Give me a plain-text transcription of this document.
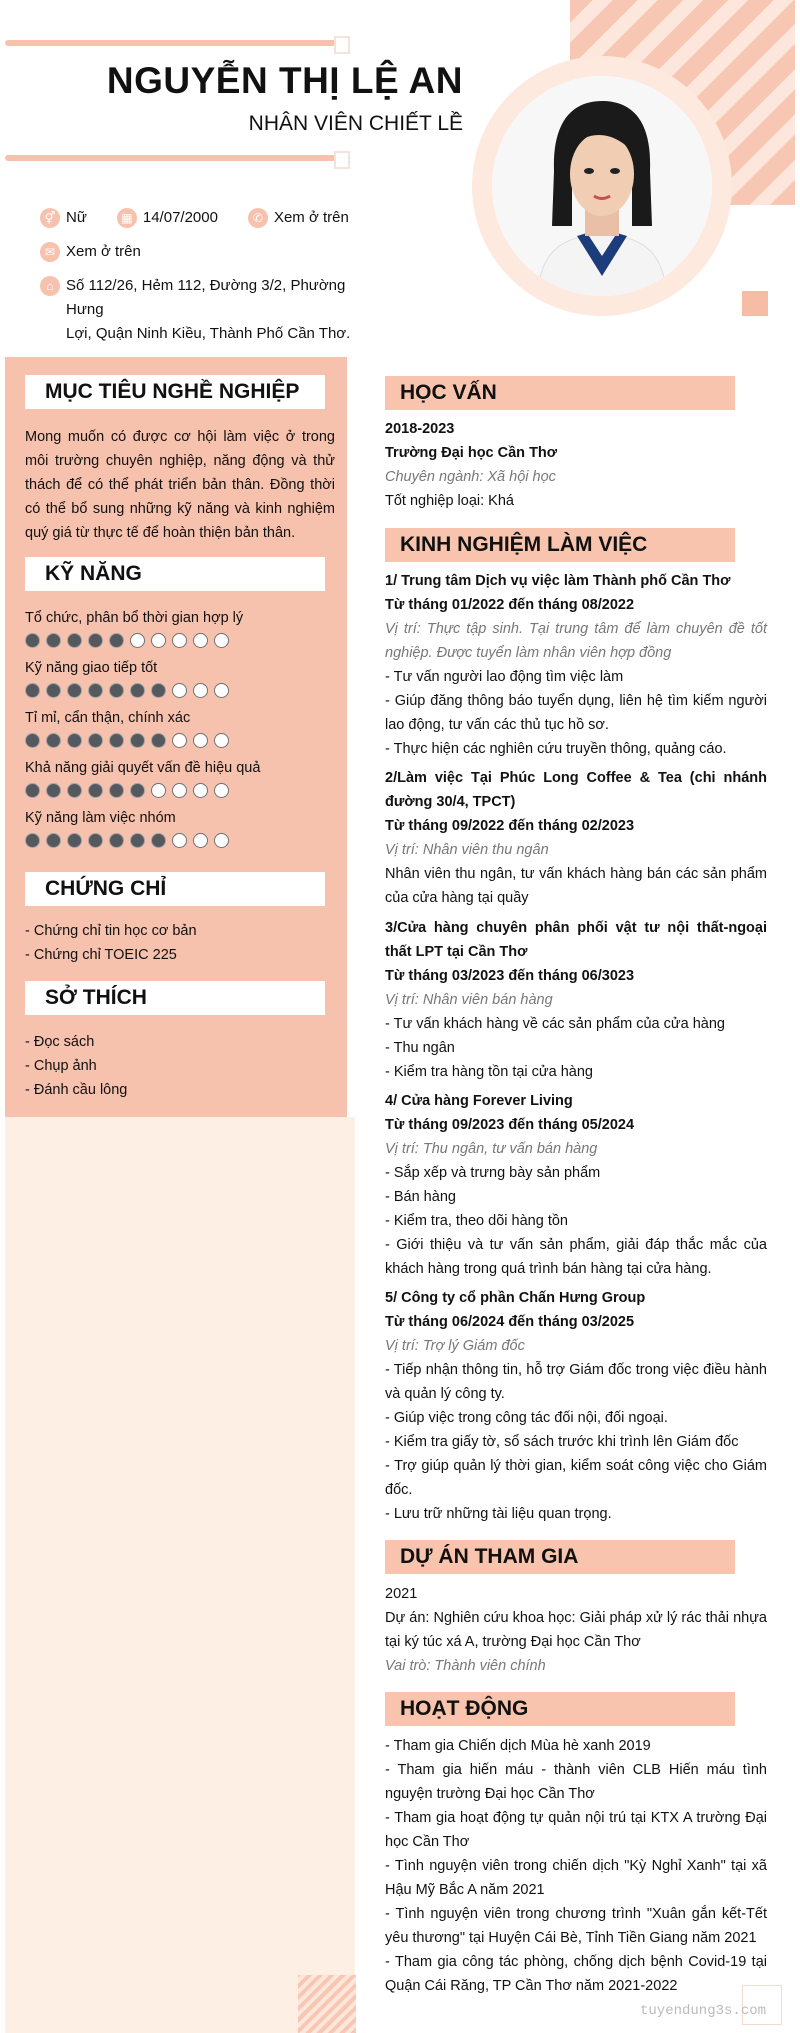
NGUYỄN THỊ LỆ AN
NHÂN VIÊN CHIẾT LỀ
⚥ Nữ	▦ 14/07/2000	✆ Xem ở trên
✉ Xem ở trên
⌂ Số 112/26, Hẻm 112, Đường 3/2, Phường Hưng
Lợi, Quận Ninh Kiều, Thành Phố Cần Thơ.
MỤC TIÊU NGHỀ NGHIỆP
Mong muốn có được cơ hội làm việc ở trong môi trường chuyên nghiệp, năng động và thử thách để có thể phát triển bản thân. Đồng thời có thể bổ sung những kỹ năng và kinh nghiệm quý giá từ thực tế để hoàn thiện bản thân.
KỸ NĂNG
Tổ chức, phân bổ thời gian hợp lý
Kỹ năng giao tiếp tốt
Tỉ mỉ, cẩn thận, chính xác
Khả năng giải quyết vấn đề hiệu quả
Kỹ năng làm việc nhóm
CHỨNG CHỈ
- Chứng chỉ tin học cơ bản
- Chứng chỉ TOEIC 225
SỞ THÍCH
- Đọc sách
- Chụp ảnh
- Đánh cầu lông
HỌC VẤN
2018-2023
Trường Đại học Cần Thơ
Chuyên ngành: Xã hội học
Tốt nghiệp loại: Khá
KINH NGHIỆM LÀM VIỆC
1/ Trung tâm Dịch vụ việc làm Thành phố Cần Thơ
Từ tháng 01/2022 đến tháng 08/2022
Vị trí: Thực tập sinh. Tại trung tâm để làm chuyên đề tốt nghiệp. Được tuyển làm nhân viên hợp đồng
- Tư vấn người lao động tìm việc làm
- Giúp đăng thông báo tuyển dụng, liên hệ tìm kiếm người lao động, tư vấn các thủ tục hồ sơ.
- Thực hiện các nghiên cứu truyền thông, quảng cáo.
2/Làm việc Tại Phúc Long Coffee & Tea (chi nhánh đường 30/4, TPCT)
Từ tháng 09/2022 đến tháng 02/2023
Vị trí: Nhân viên thu ngân
Nhân viên thu ngân, tư vấn khách hàng bán các sản phẩm của cửa hàng tại quầy
3/Cửa hàng chuyên phân phối vật tư nội thất-ngoại thất LPT tại Cần Thơ
Từ tháng 03/2023 đến tháng 06/3023
Vị trí: Nhân viên bán hàng
- Tư vấn khách hàng về các sản phẩm của cửa hàng
- Thu ngân
- Kiểm tra hàng tồn tại cửa hàng
4/ Cửa hàng Forever Living
Từ tháng 09/2023 đến tháng 05/2024
Vị trí: Thu ngân, tư vấn bán hàng
- Sắp xếp và trưng bày sản phẩm
- Bán hàng
- Kiểm tra, theo dõi hàng tồn
- Giới thiệu và tư vấn sản phẩm, giải đáp thắc mắc của khách hàng trong quá trình bán hàng tại cửa hàng.
5/ Công ty cổ phần Chấn Hưng Group
Từ tháng 06/2024 đến tháng 03/2025
Vị trí: Trợ lý Giám đốc
- Tiếp nhận thông tin, hỗ trợ Giám đốc trong việc điều hành và quản lý công ty.
- Giúp việc trong công tác đối nội, đối ngoại.
- Kiểm tra giấy tờ, sổ sách trước khi trình lên Giám đốc
- Trợ giúp quản lý thời gian, kiểm soát công việc cho Giám đốc.
- Lưu trữ những tài liệu quan trọng.
DỰ ÁN THAM GIA
2021
Dự án: Nghiên cứu khoa học: Giải pháp xử lý rác thải nhựa tại ký túc xá A, trường Đại học Cần Thơ
Vai trò: Thành viên chính
HOẠT ĐỘNG
- Tham gia Chiến dịch Mùa hè xanh 2019
- Tham gia hiến máu - thành viên CLB Hiến máu tình nguyện trường Đại học Cần Thơ
- Tham gia hoạt động tự quản nội trú tại KTX A trường Đại học Cần Thơ
- Tình nguyện viên trong chiến dịch "Kỳ Nghỉ Xanh" tại xã Hậu Mỹ Bắc A năm 2021
- Tình nguyện viên trong chương trình "Xuân gắn kết-Tết yêu thương" tại Huyện Cái Bè, Tỉnh Tiền Giang năm 2021
- Tham gia công tác phòng, chống dịch bệnh Covid-19 tại Quận Cái Răng, TP Cần Thơ năm 2021-2022
tuyendung3s.com
